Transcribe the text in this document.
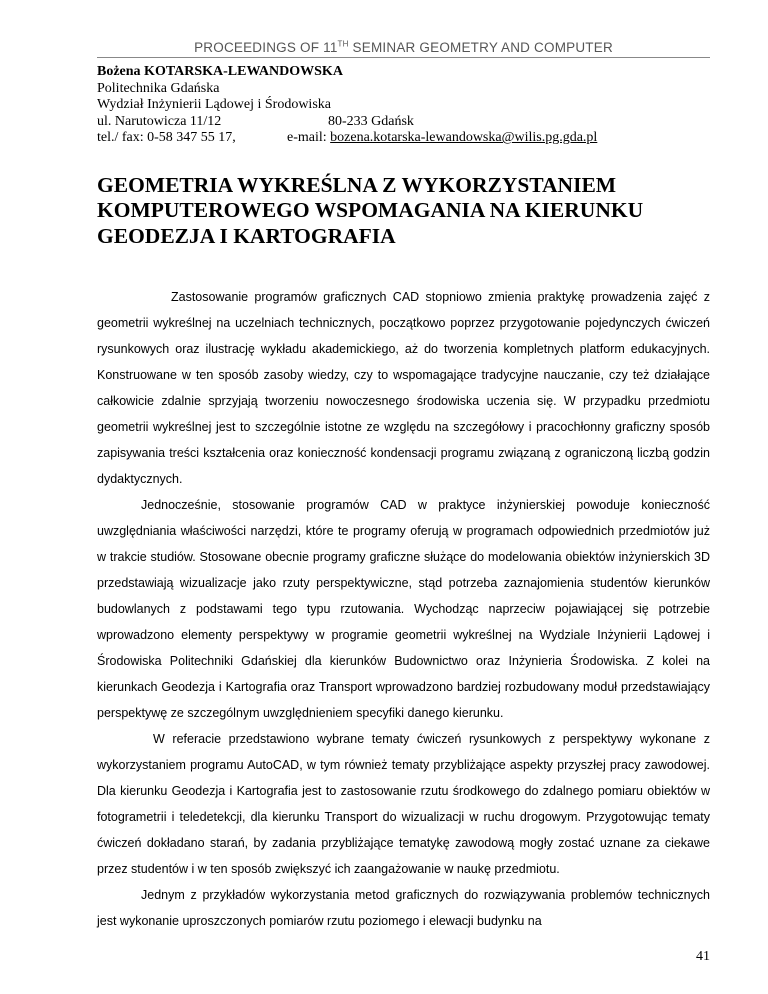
PROCEEDINGS OF 11TH SEMINAR GEOMETRY AND COMPUTER
Bożena KOTARSKA-LEWANDOWSKA
Politechnika Gdańska
Wydział Inżynierii Lądowej i Środowiska
ul. Narutowicza 11/12	80-233 Gdańsk
tel./ fax: 0-58 347 55 17,	e-mail: bozena.kotarska-lewandowska@wilis.pg.gda.pl
GEOMETRIA WYKREŚLNA Z WYKORZYSTANIEM KOMPUTEROWEGO WSPOMAGANIA NA KIERUNKU GEODEZJA I KARTOGRAFIA

Zastosowanie programów graficznych CAD stopniowo zmienia praktykę prowadzenia zajęć z geometrii wykreślnej na uczelniach technicznych, początkowo poprzez przygotowanie pojedynczych ćwiczeń rysunkowych oraz ilustrację wykładu akademickiego, aż do tworzenia kompletnych platform edukacyjnych. Konstruowane w ten sposób zasoby wiedzy, czy to wspomagające tradycyjne nauczanie, czy też działające całkowicie zdalnie sprzyjają tworzeniu nowoczesnego środowiska uczenia się. W przypadku przedmiotu geometrii wykreślnej jest to szczególnie istotne ze względu na szczegółowy i pracochłonny graficzny sposób zapisywania treści kształcenia oraz konieczność kondensacji programu związaną z ograniczoną liczbą godzin dydaktycznych.

Jednocześnie, stosowanie programów CAD w praktyce inżynierskiej powoduje konieczność uwzględniania właściwości narzędzi, które te programy oferują w programach odpowiednich przedmiotów już w trakcie studiów. Stosowane obecnie programy graficzne służące do modelowania obiektów inżynierskich 3D przedstawiają wizualizacje jako rzuty perspektywiczne, stąd potrzeba zaznajomienia studentów kierunków budowlanych z podstawami tego typu rzutowania. Wychodząc naprzeciw pojawiającej się potrzebie wprowadzono elementy perspektywy w programie geometrii wykreślnej na Wydziale Inżynierii Lądowej i Środowiska Politechniki Gdańskiej dla kierunków Budownictwo oraz Inżynieria Środowiska. Z kolei na kierunkach Geodezja i Kartografia oraz Transport wprowadzono bardziej rozbudowany moduł przedstawiający perspektywę ze szczególnym uwzględnieniem specyfiki danego kierunku.

W referacie przedstawiono wybrane tematy ćwiczeń rysunkowych z perspektywy wykonane z wykorzystaniem programu AutoCAD, w tym również tematy przybliżające aspekty przyszłej pracy zawodowej. Dla kierunku Geodezja i Kartografia jest to zastosowanie rzutu środkowego do zdalnego pomiaru obiektów w fotogrametrii i teledetekcji, dla kierunku Transport do wizualizacji w ruchu drogowym. Przygotowując tematy ćwiczeń dokładano starań, by zadania przybliżające tematykę zawodową mogły zostać uznane za ciekawe przez studentów i w ten sposób zwiększyć ich zaangażowanie w naukę przedmiotu.

Jednym z przykładów wykorzystania metod graficznych do rozwiązywania problemów technicznych jest wykonanie uproszczonych pomiarów rzutu poziomego i elewacji budynku na

41
